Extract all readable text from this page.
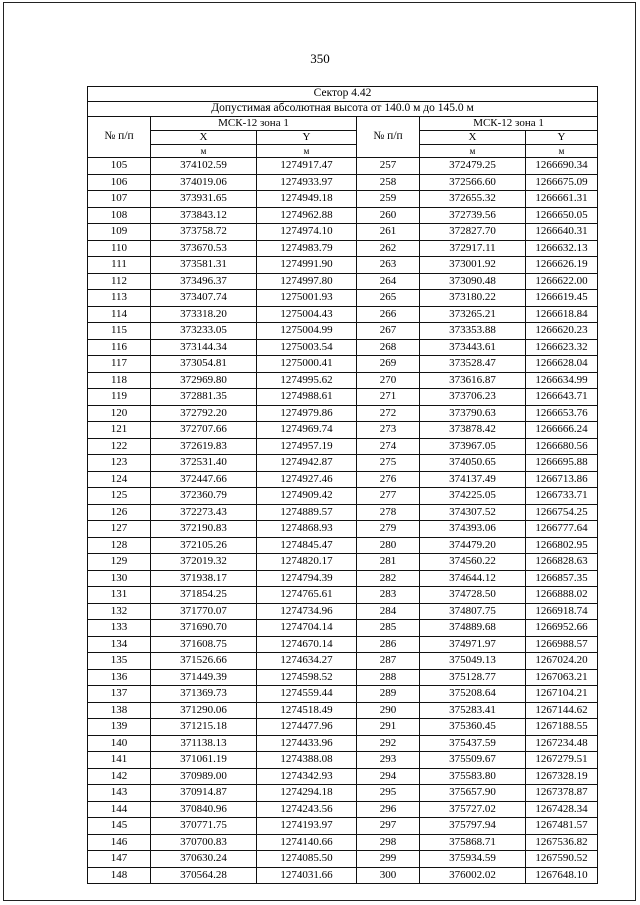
350
Сектор 4.42					
Допустимая абсолютная высота от 140.0 м до 145.0 м					
№ п/п	МСК-12 зона 1		№ п/п	МСК-12 зона 1	
	X	Y		X	Y
	м	м		м	м
105	374102.59	1274917.47	257	372479.25	1266690.34
106	374019.06	1274933.97	258	372566.60	1266675.09
107	373931.65	1274949.18	259	372655.32	1266661.31
108	373843.12	1274962.88	260	372739.56	1266650.05
109	373758.72	1274974.10	261	372827.70	1266640.31
110	373670.53	1274983.79	262	372917.11	1266632.13
111	373581.31	1274991.90	263	373001.92	1266626.19
112	373496.37	1274997.80	264	373090.48	1266622.00
113	373407.74	1275001.93	265	373180.22	1266619.45
114	373318.20	1275004.43	266	373265.21	1266618.84
115	373233.05	1275004.99	267	373353.88	1266620.23
116	373144.34	1275003.54	268	373443.61	1266623.32
117	373054.81	1275000.41	269	373528.47	1266628.04
118	372969.80	1274995.62	270	373616.87	1266634.99
119	372881.35	1274988.61	271	373706.23	1266643.71
120	372792.20	1274979.86	272	373790.63	1266653.76
121	372707.66	1274969.74	273	373878.42	1266666.24
122	372619.83	1274957.19	274	373967.05	1266680.56
123	372531.40	1274942.87	275	374050.65	1266695.88
124	372447.66	1274927.46	276	374137.49	1266713.86
125	372360.79	1274909.42	277	374225.05	1266733.71
126	372273.43	1274889.57	278	374307.52	1266754.25
127	372190.83	1274868.93	279	374393.06	1266777.64
128	372105.26	1274845.47	280	374479.20	1266802.95
129	372019.32	1274820.17	281	374560.22	1266828.63
130	371938.17	1274794.39	282	374644.12	1266857.35
131	371854.25	1274765.61	283	374728.50	1266888.02
132	371770.07	1274734.96	284	374807.75	1266918.74
133	371690.70	1274704.14	285	374889.68	1266952.66
134	371608.75	1274670.14	286	374971.97	1266988.57
135	371526.66	1274634.27	287	375049.13	1267024.20
136	371449.39	1274598.52	288	375128.77	1267063.21
137	371369.73	1274559.44	289	375208.64	1267104.21
138	371290.06	1274518.49	290	375283.41	1267144.62
139	371215.18	1274477.96	291	375360.45	1267188.55
140	371138.13	1274433.96	292	375437.59	1267234.48
141	371061.19	1274388.08	293	375509.67	1267279.51
142	370989.00	1274342.93	294	375583.80	1267328.19
143	370914.87	1274294.18	295	375657.90	1267378.87
144	370840.96	1274243.56	296	375727.02	1267428.34
145	370771.75	1274193.97	297	375797.94	1267481.57
146	370700.83	1274140.66	298	375868.71	1267536.82
147	370630.24	1274085.50	299	375934.59	1267590.52
148	370564.28	1274031.66	300	376002.02	1267648.10
